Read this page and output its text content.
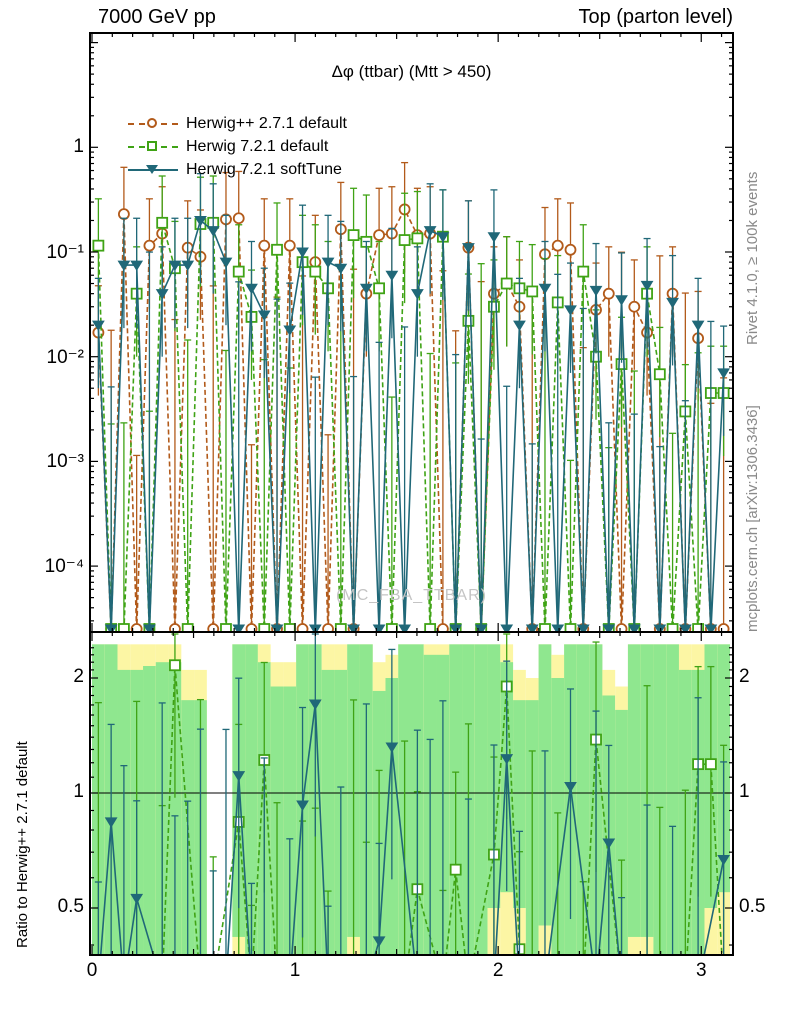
7000 GeV pp	Top (parton level)
Δφ (ttbar) (Mtt > 450)
Herwig++ 2.7.1 default
Herwig 7.2.1 default
Herwig 7.2.1 softTune
(MC_FBA_TTBAR)
Rivet 4.1.0, ≥ 100k events
mcplots.cern.ch [arXiv:1306.3436]
Ratio to Herwig++ 2.7.1 default
1
10⁻¹
10⁻²
10⁻³
10⁻⁴
2	2
1	1
0.5	0.5
0	1	2	3
